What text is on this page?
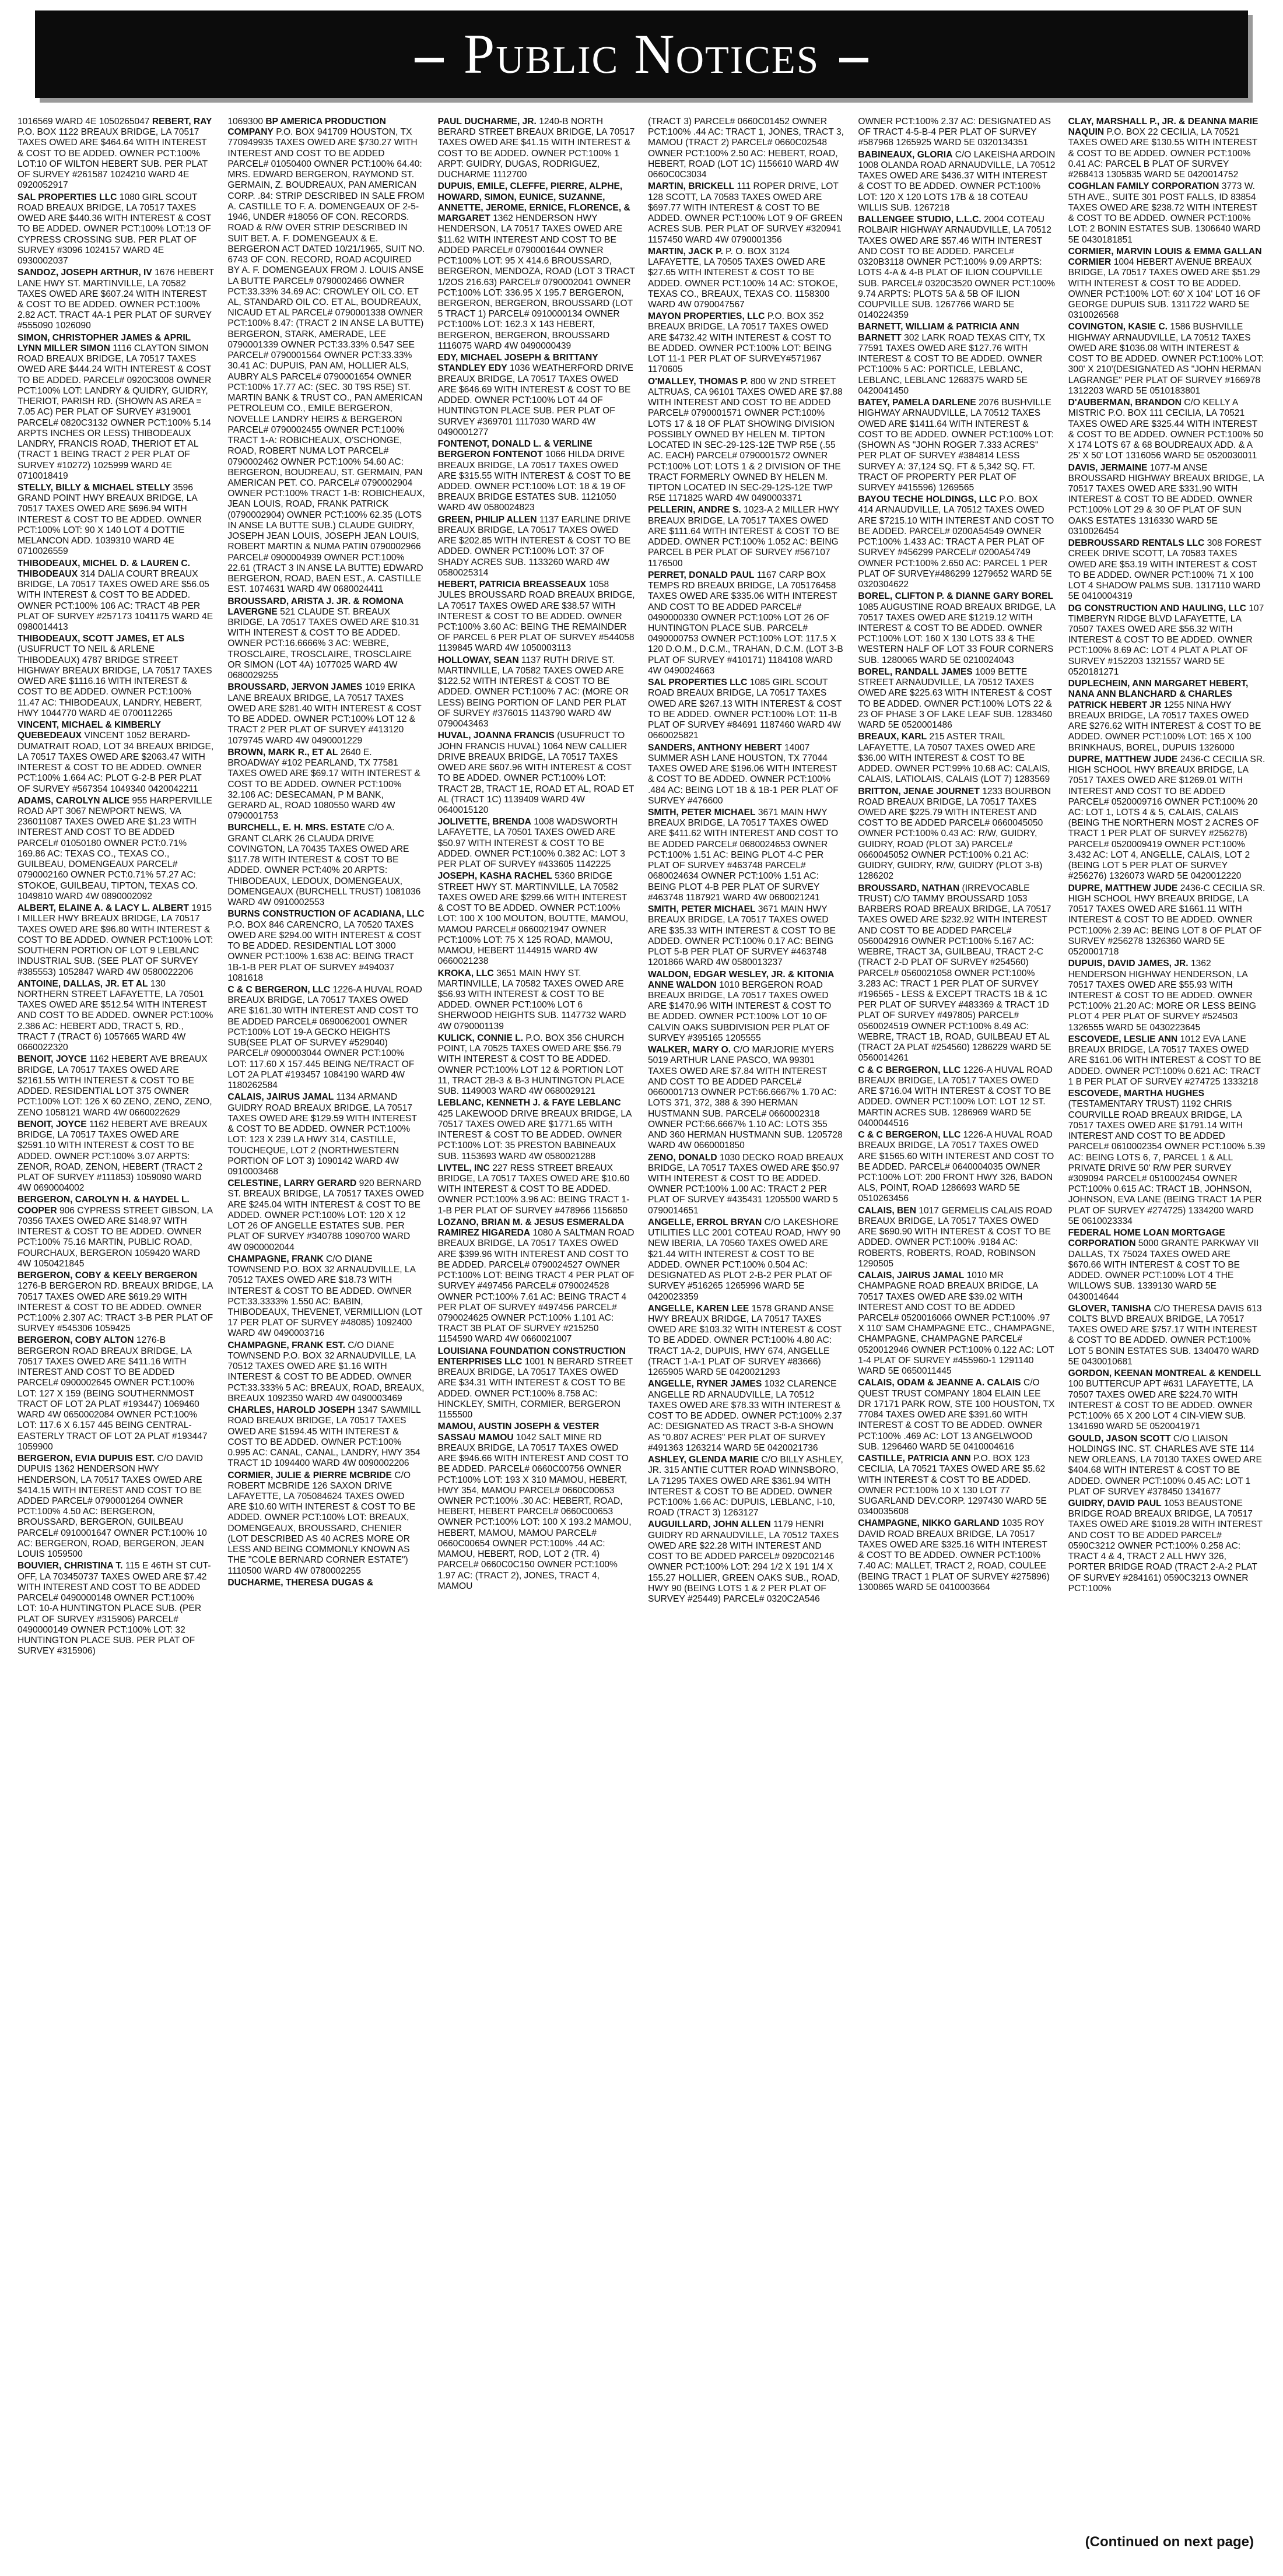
Public Notices
1016569 WARD 4E 1050265047 REBERT, RAY P.O. BOX 1122 BREAUX BRIDGE, LA 70517 TAXES OWED ARE $464.64 WITH INTEREST & COST TO BE ADDED. OWNER PCT:100% LOT:10 OF WILTON HEBERT SUB. PER PLAT OF SURVEY #261587 1024210 WARD 4E 0920052917
SAL PROPERTIES LLC 1080 GIRL SCOUT ROAD BREAUX BRIDGE, LA 70517 TAXES OWED ARE $440.36 WITH INTEREST & COST TO BE ADDED. OWNER PCT:100% LOT:13 OF CYPRESS CROSSING SUB. PER PLAT OF SURVEY #3096 1024157 WARD 4E 0930002037
SANDOZ, JOSEPH ARTHUR, IV 1676 HEBERT LANE HWY ST. MARTINVILLE, LA 70582 TAXES OWED ARE $607.24 WITH INTEREST & COST TO BE ADDED. OWNER PCT:100% 2.82 ACT. TRACT 4A-1 PER PLAT OF SURVEY #555090 1026090
SIMON, CHRISTOPHER JAMES & APRIL LYNN MILLER SIMON 1116 CLAYTON SIMON ROAD BREAUX BRIDGE, LA 70517 TAXES OWED ARE $444.24 WITH INTEREST & COST TO BE ADDED. PARCEL# 0920C3008 OWNER PCT:100% LOT: LANDRY & QUIDRY, GUIDRY, THERIOT, PARISH RD. (SHOWN AS AREA = 7.05 AC) PER PLAT OF SURVEY #319001 PARCEL# 0820C3132 OWNER PCT:100% 5.14 ARPTS INCHES OR LESS) THIBODEAUX LANDRY, FRANCIS ROAD, THERIOT ET AL (TRACT 1 BEING TRACT 2 PER PLAT OF SURVEY #10272) 1025999 WARD 4E 0710018419
STELLY, BILLY & MICHAEL STELLY 3596 GRAND POINT HWY BREAUX BRIDGE, LA 70517 TAXES OWED ARE $696.94 WITH INTEREST & COST TO BE ADDED. OWNER PCT:100% LOT: 90 X 140 LOT 4 DOTTIE MELANCON ADD. 1039310 WARD 4E 0710026559
THIBODEAUX, MICHEL D. & LAUREN C. THIBODEAUX 314 DALIA COURT BREAUX BRIDGE, LA 70517 TAXES OWED ARE $56.05 WITH INTEREST & COST TO BE ADDED. OWNER PCT:100% 106 AC: TRACT 4B PER PLAT OF SURVEY #257173 1041175 WARD 4E 0980014413
THIBODEAUX, SCOTT JAMES, ET ALS (USUFRUCT TO NEIL & ARLENE THIBODEAUX) 4787 BRIDGE STREET HIGHWAY BREAUX BRIDGE, LA 70517 TAXES OWED ARE $1116.16 WITH INTEREST & COST TO BE ADDED. OWNER PCT:100% 11.47 AC: THIBODEAUX, LANDRY, HEBERT, HWY 1044770 WARD 4E 0700112265
VINCENT, MICHAEL & KIMBERLY QUEBEDEAUX VINCENT 1052 BERARD-DUMATRAIT ROAD, LOT 34 BREAUX BRIDGE, LA 70517 TAXES OWED ARE $2063.47 WITH INTEREST & COST TO BE ADDED. OWNER PCT:100% 1.664 AC: PLOT G-2-B PER PLAT OF SURVEY #567354 1049340 0420042211
ADAMS, CAROLYN ALICE 955 HARPERVILLE ROAD APT 3067 NEWPORT NEWS, VA 236011087 TAXES OWED ARE $1.23 WITH INTEREST AND COST TO BE ADDED PARCEL# 01050180 OWNER PCT:0.71% 169.86 AC: TEXAS CO., TEXAS CO., GUILBEAU, DOMENGEAUX PARCEL# 0790002160 OWNER PCT:0.71% 57.27 AC: STOKOE, GUILBEAU, TIPTON, TEXAS CO. 1049810 WARD 4W 0890002092
ALBERT, ELAINE A. & LACY L. ALBERT 1915 I MILLER HWY BREAUX BRIDGE, LA 70517 TAXES OWED ARE $96.80 WITH INTEREST & COST TO BE ADDED. OWNER PCT:100% LOT: SOUTHERN PORTION OF LOT 9 LEBLANC INDUSTRIAL SUB. (SEE PLAT OF SURVEY #385553) 1052847 WARD 4W 0580022206
ANTOINE, DALLAS, JR. ET AL 130 NORTHERN STREET LAFAYETTE, LA 70501 TAXES OWED ARE $512.54 WITH INTEREST AND COST TO BE ADDED. OWNER PCT:100% 2.386 AC: HEBERT ADD, TRACT 5, RD., TRACT 7 (TRACT 6) 1057665 WARD 4W 0660022320
BENOIT, JOYCE 1162 HEBERT AVE BREAUX BRIDGE, LA 70517 TAXES OWED ARE $2161.55 WITH INTEREST & COST TO BE ADDED. RESIDENTIAL LOT 375 OWNER PCT:100% LOT: 126 X 60 ZENO, ZENO, ZENO, ZENO 1058121 WARD 4W 0660022629
BENOIT, JOYCE 1162 HEBERT AVE BREAUX BRIDGE, LA 70517 TAXES OWED ARE $2591.10 WITH INTEREST & COST TO BE ADDED. OWNER PCT:100% 3.07 ARPTS: ZENOR, ROAD, ZENON, HEBERT (TRACT 2 PLAT OF SURVEY #111853) 1059090 WARD 4W 0690004002
BERGERON, CAROLYN H. & HAYDEL L. COOPER 906 CYPRESS STREET GIBSON, LA 70356 TAXES OWED ARE $148.97 WITH INTEREST & COST TO BE ADDED. OWNER PCT:100% 75.16 MARTIN, PUBLIC ROAD, FOURCHAUX, BERGERON 1059420 WARD 4W 1050421845
BERGERON, COBY & KEELY BERGERON 1276-B BERGERON RD. BREAUX BRIDGE, LA 70517 TAXES OWED ARE $619.29 WITH INTEREST & COST TO BE ADDED. OWNER PCT:100% 2.307 AC: TRACT 3-B PER PLAT OF SURVEY #545306 1059425
BERGERON, COBY ALTON 1276-B BERGERON ROAD BREAUX BRIDGE, LA 70517 TAXES OWED ARE $411.16 WITH INTEREST AND COST TO BE ADDED PARCEL# 0900002645 OWNER PCT:100% LOT: 127 X 159 (BEING SOUTHERNMOST TRACT OF LOT 2A PLAT #193447) 1069460 WARD 4W 0650002084 OWNER PCT:100% LOT: 117.6 X 6.157 445 BEING CENTRAL-EASTERLY TRACT OF LOT 2A PLAT #193447 1059900
BERGERON, EVIA DUPUIS EST. C/O DAVID DUPUIS 1362 HENDERSON HWY HENDERSON, LA 70517 TAXES OWED ARE $414.15 WITH INTEREST AND COST TO BE ADDED PARCEL# 0790001264 OWNER PCT:100% 4.50 AC: BERGERON, BROUSSARD, BERGERON, GUILBEAU PARCEL# 0910001647 OWNER PCT:100% 10 AC: BERGERON, ROAD, BERGERON, JEAN LOUIS 1059500
BOUVIER, CHRISTINA T. 115 E 46TH ST CUT-OFF, LA 703450737 TAXES OWED ARE $7.42 WITH INTEREST AND COST TO BE ADDED PARCEL# 0490000148 OWNER PCT:100% LOT: 10-A HUNTINGTON PLACE SUB. (PER PLAT OF SURVEY #315906) PARCEL# 0490000149 OWNER PCT:100% LOT: 32 HUNTINGTON PLACE SUB. PER PLAT OF SURVEY #315906)
1069300 BP AMERICA PRODUCTION COMPANY P.O. BOX 941709 HOUSTON, TX 770949935 TAXES OWED ARE $730.27 WITH INTEREST AND COST TO BE ADDED PARCEL# 01050400 OWNER PCT:100% 64.40: MRS. EDWARD BERGERON, RAYMOND ST. GERMAIN, Z. BOUDREAUX, PAN AMERICAN CORP. .84: STRIP DESCRIBED IN SALE FROM A. CASTILLE TO F. A. DOMENGEAUX OF 2-5-1946, UNDER #18056 OF CON. RECORDS. ROAD & R/W OVER STRIP DESCRIBED IN SUIT BET. A. F. DOMENGEAUX & E. BERGERON ACT DATED 10/21/1965, SUIT NO. 6743 OF CON. RECORD, ROAD ACQUIRED BY A. F. DOMENGEAUX FROM J. LOUIS ANSE LA BUTTE PARCEL# 0790002466 OWNER PCT:33.33% 34.69 AC: CROWLEY OIL CO. ET AL, STANDARD OIL CO. ET AL, BOUDREAUX, NICAUD ET AL PARCEL# 0790001338 OWNER PCT:100% 8.47: (TRACT 2 IN ANSE LA BUTTE) BERGERON, STARK, AMERADE, LEE 0790001339 OWNER PCT:33.33% 0.547 SEE PARCEL# 0790001564 OWNER PCT:33.33% 30.41 AC: DUPUIS, PAN AM, HOLLIER ALS, AUBRY ALS PARCEL# 0790001654 OWNER PCT:100% 17.77 AC: (SEC. 30 T9S R5E) ST. MARTIN BANK & TRUST CO., PAN AMERICAN PETROLEUM CO., EMILE BERGERON, NOVELLE LANDRY HEIRS & BERGERON PARCEL# 0790002455 OWNER PCT:100% TRACT 1-A: ROBICHEAUX, O'SCHONGE, ROAD, ROBERT NUMA LOT PARCEL# 0790002462 OWNER PCT:100% 54.60 AC: BERGERON, BOUDREAU, ST. GERMAIN, PAN AMERICAN PET. CO. PARCEL# 0790002904 OWNER PCT:100% TRACT 1-B: ROBICHEAUX, JEAN LOUIS, ROAD, FRANK PATRICK (0790002904) OWNER PCT:100% 62.35 (LOTS IN ANSE LA BUTTE SUB.) CLAUDE GUIDRY, JOSEPH JEAN LOUIS, JOSEPH JEAN LOUIS, ROBERT MARTIN & NUMA PATIN 0790002966 PARCEL# 0900004939 OWNER PCT:100% 22.61 (TRACT 3 IN ANSE LA BUTTE) EDWARD BERGERON, ROAD, BAEN EST., A. CASTILLE EST. 1074631 WARD 4W 0680024411
BROUSSARD, ARISTA J. JR. & ROMONA LAVERGNE 521 CLAUDE ST. BREAUX BRIDGE, LA 70517 TAXES OWED ARE $10.31 WITH INTEREST & COST TO BE ADDED. OWNER PCT:16.6666% 3 AC: WEBRE, TROSCLAIRE, TROSCLAIRE, TROSCLAIRE OR SIMON (LOT 4A) 1077025 WARD 4W 0680029255
BROUSSARD, JERVON JAMES 1019 ERIKA LANE BREAUX BRIDGE, LA 70517 TAXES OWED ARE $281.40 WITH INTEREST & COST TO BE ADDED. OWNER PCT:100% LOT 12 & TRACT 2 PER PLAT OF SURVEY #413120 1079745 WARD 4W 0490001229
BROWN, MARK R., ET AL 2640 E. BROADWAY #102 PEARLAND, TX 77581 TAXES OWED ARE $69.17 WITH INTEREST & COST TO BE ADDED. OWNER PCT:100% 32.106 AC: DESECAMAN, P M BANK, GERARD AL, ROAD 1080550 WARD 4W 0790001753
BURCHELL, E. H. MRS. ESTATE C/O A. GRANT CLARK 26 CLAUDA DRIVE COVINGTON, LA 70435 TAXES OWED ARE $117.78 WITH INTEREST & COST TO BE ADDED. OWNER PCT:40% 20 ARPTS: THIBODEAUX, LEDOUX, DOMENGEAUX, DOMENGEAUX (BURCHELL TRUST) 1081036 WARD 4W 0910002553
BURNS CONSTRUCTION OF ACADIANA, LLC P.O. BOX 846 CARENCRO, LA 70520 TAXES OWED ARE $294.00 WITH INTEREST & COST TO BE ADDED. RESIDENTIAL LOT 3000 OWNER PCT:100% 1.638 AC: BEING TRACT 1B-1-B PER PLAT OF SURVEY #494037 1081618
C & C BERGERON, LLC 1226-A HUVAL ROAD BREAUX BRIDGE, LA 70517 TAXES OWED ARE $161.30 WITH INTEREST AND COST TO BE ADDED PARCEL# 0690062001 OWNER PCT:100% LOT 19-A GECKO HEIGHTS SUB(SEE PLAT OF SURVEY #529040) PARCEL# 0900003044 OWNER PCT:100% LOT: 117.60 X 157.445 BEING NE/TRACT OF LOT 2A PLAT #193457 1084190 WARD 4W 1180262584
CALAIS, JAIRUS JAMAL 1134 ARMAND GUIDRY ROAD BREAUX BRIDGE, LA 70517 TAXES OWED ARE $129.59 WITH INTEREST & COST TO BE ADDED. OWNER PCT:100% LOT: 123 X 239 LA HWY 314, CASTILLE, TOUCHEQUE, LOT 2 (NORTHWESTERN PORTION OF LOT 3) 1090142 WARD 4W 0910003468
CELESTINE, LARRY GERARD 920 BERNARD ST. BREAUX BRIDGE, LA 70517 TAXES OWED ARE $245.04 WITH INTEREST & COST TO BE ADDED. OWNER PCT:100% LOT: 120 X 12 LOT 26 OF ANGELLE ESTATES SUB. PER PLAT OF SURVEY #340788 1090700 WARD 4W 0900002044
CHAMPAGNE, FRANK C/O DIANE TOWNSEND P.O. BOX 32 ARNAUDVILLE, LA 70512 TAXES OWED ARE $18.73 WITH INTEREST & COST TO BE ADDED. OWNER PCT:33.3333% 1.550 AC: BABIN, THIBODEAUX, THEVENET, VERMILLION (LOT 17 PER PLAT OF SURVEY #48085) 1092400 WARD 4W 0490003716
CHAMPAGNE, FRANK EST. C/O DIANE TOWNSEND P.O. BOX 32 ARNAUDVILLE, LA 70512 TAXES OWED ARE $1.16 WITH INTEREST & COST TO BE ADDED. OWNER PCT:33.333% 5 AC: BREAUX, ROAD, BREAUX, BREAUX 1092350 WARD 4W 0490003469
CHARLES, HAROLD JOSEPH 1347 SAWMILL ROAD BREAUX BRIDGE, LA 70517 TAXES OWED ARE $1594.45 WITH INTEREST & COST TO BE ADDED. OWNER PCT:100% 0.995 AC: CANAL, CANAL, LANDRY, HWY 354 TRACT 1D 1094400 WARD 4W 0090002206
CORMIER, JULIE & PIERRE MCBRIDE C/O ROBERT MCBRIDE 126 SAXON DRIVE LAFAYETTE, LA 705084624 TAXES OWED ARE $10.60 WITH INTEREST & COST TO BE ADDED. OWNER PCT:100% LOT: BREAUX, DOMENGEAUX, BROUSSARD, CHENIER (LOT DESCRIBED AS 40 ACRES MORE OR LESS AND BEING COMMONLY KNOWN AS THE "COLE BERNARD CORNER ESTATE") 1110500 WARD 4W 0780002255
DUCHARME, THERESA DUGAS &
PAUL DUCHARME, JR. 1240-B NORTH BERARD STREET BREAUX BRIDGE, LA 70517 TAXES OWED ARE $41.15 WITH INTEREST & COST TO BE ADDED. OWNER PCT:100% 1 ARPT: GUIDRY, DUGAS, RODRIGUEZ, DUCHARME 1112700
DUPUIS, EMILE, CLEFFE, PIERRE, ALPHE, HOWARD, SIMON, EUNICE, SUZANNE, ANNETTE, JEROME, ERNICE, FLORENCE, & MARGARET 1362 HENDERSON HWY HENDERSON, LA 70517 TAXES OWED ARE $11.62 WITH INTEREST AND COST TO BE ADDED PARCEL# 0790001644 OWNER PCT:100% LOT: 95 X 414.6 BROUSSARD, BERGERON, MENDOZA, ROAD (LOT 3 TRACT 1/2OS 216.63) PARCEL# 0790002041 OWNER PCT:100% LOT: 336.95 X 195.7 BERGERON, BERGERON, BERGERON, BROUSSARD (LOT 5 TRACT 1) PARCEL# 0910000134 OWNER PCT:100% LOT: 162.3 X 143 HEBERT, BERGERON, BERGERON, BROUSSARD 1116075 WARD 4W 0490000439
EDY, MICHAEL JOSEPH & BRITTANY STANDLEY EDY 1036 WEATHERFORD DRIVE BREAUX BRIDGE, LA 70517 TAXES OWED ARE $646.69 WITH INTEREST & COST TO BE ADDED. OWNER PCT:100% LOT 44 OF HUNTINGTON PLACE SUB. PER PLAT OF SURVEY #369701 1117030 WARD 4W 0490001277
FONTENOT, DONALD L. & VERLINE BERGERON FONTENOT 1066 HILDA DRIVE BREAUX BRIDGE, LA 70517 TAXES OWED ARE $315.55 WITH INTEREST & COST TO BE ADDED. OWNER PCT:100% LOT: 18 & 19 OF BREAUX BRIDGE ESTATES SUB. 1121050 WARD 4W 0580024823
GREEN, PHILIP ALLEN 1137 EARLINE DRIVE BREAUX BRIDGE, LA 70517 TAXES OWED ARE $202.85 WITH INTEREST & COST TO BE ADDED. OWNER PCT:100% LOT: 37 OF SHADY ACRES SUB. 1133260 WARD 4W 0580025314
HEBERT, PATRICIA BREASSEAUX 1058 JULES BROUSSARD ROAD BREAUX BRIDGE, LA 70517 TAXES OWED ARE $38.57 WITH INTEREST & COST TO BE ADDED. OWNER PCT:100% 3.60 AC: BEING THE REMAINDER OF PARCEL 6 PER PLAT OF SURVEY #544058 1139845 WARD 4W 1050003113
HOLLOWAY, SEAN 1137 RUTH DRIVE ST. MARTINVILLE, LA 70582 TAXES OWED ARE $122.52 WITH INTEREST & COST TO BE ADDED. OWNER PCT:100% 7 AC: (MORE OR LESS) BEING PORTION OF LAND PER PLAT OF SURVEY #376015 1143790 WARD 4W 0790043463
HUVAL, JOANNA FRANCIS (USUFRUCT TO JOHN FRANCIS HUVAL) 1064 NEW CALLIER DRIVE BREAUX BRIDGE, LA 70517 TAXES OWED ARE $607.96 WITH INTEREST & COST TO BE ADDED. OWNER PCT:100% LOT: TRACT 2B, TRACT 1E, ROAD ET AL, ROAD ET AL (TRACT 1C) 1139409 WARD 4W 0640015120
JOLIVETTE, BRENDA 1008 WADSWORTH LAFAYETTE, LA 70501 TAXES OWED ARE $50.97 WITH INTEREST & COST TO BE ADDED. OWNER PCT:100% 0.382 AC: LOT 3 PER PLAT OF SURVEY #433605 1142225
JOSEPH, KASHA RACHEL 5360 BRIDGE STREET HWY ST. MARTINVILLE, LA 70582 TAXES OWED ARE $299.66 WITH INTEREST & COST TO BE ADDED. OWNER PCT:100% LOT: 100 X 100 MOUTON, BOUTTE, MAMOU, MAMOU PARCEL# 0660021947 OWNER PCT:100% LOT: 75 X 125 ROAD, MAMOU, MAMOU, HEBERT 1144915 WARD 4W 0660021238
KROKA, LLC 3651 MAIN HWY ST. MARTINVILLE, LA 70582 TAXES OWED ARE $56.93 WITH INTEREST & COST TO BE ADDED. OWNER PCT:100% LOT 6 SHERWOOD HEIGHTS SUB. 1147732 WARD 4W 0790001139
KULICK, CONNIE L. P.O. BOX 356 CHURCH POINT, LA 70525 TAXES OWED ARE $56.79 WITH INTEREST & COST TO BE ADDED. OWNER PCT:100% LOT 12 & PORTION LOT 11, TRACT 2B-3 & B-3 HUNTINGTON PLACE SUB. 1149003 WARD 4W 0680029121
LEBLANC, KENNETH J. & FAYE LEBLANC 425 LAKEWOOD DRIVE BREAUX BRIDGE, LA 70517 TAXES OWED ARE $1771.65 WITH INTEREST & COST TO BE ADDED. OWNER PCT:100% LOT: 35 PRESTON BABINEAUX SUB. 1153693 WARD 4W 0580021288
LIVTEL, INC 227 RESS STREET BREAUX BRIDGE, LA 70517 TAXES OWED ARE $10.60 WITH INTEREST & COST TO BE ADDED. OWNER PCT:100% 3.96 AC: BEING TRACT 1-1-B PER PLAT OF SURVEY #478966 1156850
LOZANO, BRIAN M. & JESUS ESMERALDA RAMIREZ HIGAREDA 1080 A SALTMAN ROAD BREAUX BRIDGE, LA 70517 TAXES OWED ARE $399.96 WITH INTEREST AND COST TO BE ADDED. PARCEL# 0790024527 OWNER PCT:100% LOT: BEING TRACT 4 PER PLAT OF SURVEY #497456 PARCEL# 0790024528 OWNER PCT:100% 7.61 AC: BEING TRACT 4 PER PLAT OF SURVEY #497456 PARCEL# 0790024625 OWNER PCT:100% 1.101 AC: TRACT 3B PLAT OF SURVEY #215250 1154590 WARD 4W 0660021007
LOUISIANA FOUNDATION CONSTRUCTION ENTERPRISES LLC 1001 N BERARD STREET BREAUX BRIDGE, LA 70517 TAXES OWED ARE $34.31 WITH INTEREST & COST TO BE ADDED. OWNER PCT:100% 8.758 AC: HINCKLEY, SMITH, CORMIER, BERGERON 1155500
MAMOU, AUSTIN JOSEPH & VESTER SASSAU MAMOU 1042 SALT MINE RD BREAUX BRIDGE, LA 70517 TAXES OWED ARE $946.66 WITH INTEREST AND COST TO BE ADDED. PARCEL# 0660C00756 OWNER PCT:100% LOT: 193 X 310 MAMOU, HEBERT, HWY 354, MAMOU PARCEL# 0660C00653 OWNER PCT:100% .30 AC: HEBERT, ROAD, HEBERT, HEBERT PARCEL# 0660C00653 OWNER PCT:100% LOT: 100 X 193.2 MAMOU, HEBERT, MAMOU, MAMOU PARCEL# 0660C00654 OWNER PCT:100% .44 AC: MAMOU, HEBERT, ROD, LOT 2 (TR. 4) PARCEL# 0660C0C150 OWNER PCT:100% 1.97 AC: (TRACT 2), JONES, TRACT 4, MAMOU
(TRACT 3) PARCEL# 0660C01452 OWNER PCT:100% .44 AC: TRACT 1, JONES, TRACT 3, MAMOU (TRACT 2) PARCEL# 0660C02548 OWNER PCT:100% 2.50 AC: HEBERT, ROAD, HEBERT, ROAD (LOT 1C) 1156610 WARD 4W 0660C0C3034
MARTIN, BRICKELL 111 ROPER DRIVE, LOT 128 SCOTT, LA 70583 TAXES OWED ARE $697.77 WITH INTEREST & COST TO BE ADDED. OWNER PCT:100% LOT 9 OF GREEN ACRES SUB. PER PLAT OF SURVEY #320941 1157450 WARD 4W 0790001356
MARTIN, JACK P. P. O. BOX 3124 LAFAYETTE, LA 70505 TAXES OWED ARE $27.65 WITH INTEREST & COST TO BE ADDED. OWNER PCT:100% 14 AC: STOKOE, TEXAS CO., BREAUX, TEXAS CO. 1158300 WARD 4W 0790047567
MAYON PROPERTIES, LLC P.O. BOX 352 BREAUX BRIDGE, LA 70517 TAXES OWED ARE $4732.42 WITH INTEREST & COST TO BE ADDED. OWNER PCT:100% LOT: BEING LOT 11-1 PER PLAT OF SURVEY#571967 1170605
O'MALLEY, THOMAS P. 800 W 2ND STREET ALTRUAS, CA 96101 TAXES OWED ARE $7.88 WITH INTEREST AND COST TO BE ADDED PARCEL# 0790001571 OWNER PCT:100% LOTS 17 & 18 OF PLAT SHOWING DIVISION POSSIBLY OWNED BY HELEN M. TIPTON LOCATED IN SEC-29-12S-12E TWP R5E (.55 AC. EACH) PARCEL# 0790001572 OWNER PCT:100% LOT: LOTS 1 & 2 DIVISION OF THE TRACT FORMERLY OWNED BY HELEN M. TIPTON LOCATED IN SEC-29-12S-12E TWP R5E 1171825 WARD 4W 0490003371
PELLERIN, ANDRE S. 1023-A 2 MILLER HWY BREAUX BRIDGE, LA 70517 TAXES OWED ARE $111.64 WITH INTEREST & COST TO BE ADDED. OWNER PCT:100% 1.052 AC: BEING PARCEL B PER PLAT OF SURVEY #567107 1176500
PERRET, DONALD PAUL 1167 CARP BOX TEMPS RD BREAUX BRIDGE, LA 705176458 TAXES OWED ARE $335.06 WITH INTEREST AND COST TO BE ADDED PARCEL# 0490000330 OWNER PCT:100% LOT 26 OF HUNTINGTON PLACE SUB. PARCEL# 0490000753 OWNER PCT:100% LOT: 117.5 X 120 D.O.M., D.C.M., TRAHAN, D.C.M. (LOT 3-B PLAT OF SURVEY #410171) 1184108 WARD 4W 0490024663
SAL PROPERTIES LLC 1085 GIRL SCOUT ROAD BREAUX BRIDGE, LA 70517 TAXES OWED ARE $267.13 WITH INTEREST & COST TO BE ADDED. OWNER PCT:100% LOT: 11-B PLAT OF SURVEY #84691 1187460 WARD 4W 0660025821
SANDERS, ANTHONY HEBERT 14007 SUMMER ASH LANE HOUSTON, TX 77044 TAXES OWED ARE $196.06 WITH INTEREST & COST TO BE ADDED. OWNER PCT:100% .484 AC: BEING LOT 1B & 1B-1 PER PLAT OF SURVEY #476600
SMITH, PETER MICHAEL 3671 MAIN HWY BREAUX BRIDGE, LA 70517 TAXES OWED ARE $411.62 WITH INTEREST AND COST TO BE ADDED PARCEL# 0680024653 OWNER PCT:100% 1.51 AC: BEING PLOT 4-C PER PLAT OF SURVEY #463748 PARCEL# 0680024634 OWNER PCT:100% 1.51 AC: BEING PLOT 4-B PER PLAT OF SURVEY #463748 1187921 WARD 4W 0680021241
SMITH, PETER MICHAEL 3671 MAIN HWY BREAUX BRIDGE, LA 70517 TAXES OWED ARE $35.33 WITH INTEREST & COST TO BE ADDED. OWNER PCT:100% 0.17 AC: BEING PLOT 5-B PER PLAT OF SURVEY #463748 1201866 WARD 4W 0580013237
WALDON, EDGAR WESLEY, JR. & KITONIA ANNE WALDON 1010 BERGERON ROAD BREAUX BRIDGE, LA 70517 TAXES OWED ARE $1470.96 WITH INTEREST & COST TO BE ADDED. OWNER PCT:100% LOT 10 OF CALVIN OAKS SUBDIVISION PER PLAT OF SURVEY #395165 1205555
WALKER, MARY O. C/O MARJORIE MYERS 5019 ARTHUR LANE PASCO, WA 99301 TAXES OWED ARE $7.84 WITH INTEREST AND COST TO BE ADDED PARCEL# 0660001713 OWNER PCT:66.6667% 1.70 AC: LOTS 371, 372, 388 & 390 HERMAN HUSTMANN SUB. PARCEL# 0660002318 OWNER PCT:66.6667% 1.10 AC: LOTS 355 AND 360 HERMAN HUSTMANN SUB. 1205728 WARD 4W 0660001850
ZENO, DONALD 1030 DECKO ROAD BREAUX BRIDGE, LA 70517 TAXES OWED ARE $50.97 WITH INTEREST & COST TO BE ADDED. OWNER PCT:100% 1.00 AC: TRACT 2 PER PLAT OF SURVEY #435431 1205500 WARD 5 0790014651
ANGELLE, ERROL BRYAN C/O LAKESHORE UTILITIES LLC 2001 COTEAU ROAD, HWY 90 NEW IBERIA, LA 70560 TAXES OWED ARE $21.44 WITH INTEREST & COST TO BE ADDED. OWNER PCT:100% 0.504 AC: DESIGNATED AS PLOT 2-B-2 PER PLAT OF SURVEY #516265 1265996 WARD 5E 0420023359
ANGELLE, KAREN LEE 1578 GRAND ANSE HWY BREAUX BRIDGE, LA 70517 TAXES OWED ARE $103.32 WITH INTEREST & COST TO BE ADDED. OWNER PCT:100% 4.80 AC: TRACT 1A-2, DUPUIS, HWY 674, ANGELLE (TRACT 1-A-1 PLAT OF SURVEY #83666) 1265905 WARD 5E 0420021293
ANGELLE, RYNER JAMES 1032 CLARENCE ANGELLE RD ARNAUDVILLE, LA 70512 TAXES OWED ARE $78.33 WITH INTEREST & COST TO BE ADDED. OWNER PCT:100% 2.37 AC: DESIGNATED AS TRACT 3-B-A SHOWN AS "0.807 ACRES" PER PLAT OF SURVEY #491363 1263214 WARD 5E 0420021736
ASHLEY, GLENDA MARIE C/O BILLY ASHLEY, JR. 315 ANTIE CUTTER ROAD WINNSBORO, LA 71295 TAXES OWED ARE $361.94 WITH INTEREST & COST TO BE ADDED. OWNER PCT:100% 1.66 AC: DUPUIS, LEBLANC, I-10, ROAD (TRACT 3) 1263127
AUGUILLARD, JOHN ALLEN 1179 HENRI GUIDRY RD ARNAUDVILLE, LA 70512 TAXES OWED ARE $22.28 WITH INTEREST AND COST TO BE ADDED PARCEL# 0920C02146 OWNER PCT:100% LOT: 294 1/2 X 191 1/4 X 155.27 HOLLIER, GREEN OAKS SUB., ROAD, HWY 90 (BEING LOTS 1 & 2 PER PLAT OF SURVEY #25449) PARCEL# 0320C2A546
OWNER PCT:100% 2.37 AC: DESIGNATED AS OF TRACT 4-5-B-4 PER PLAT OF SURVEY #587968 1265925 WARD 5E 0320134351
BABINEAUX, GLORIA C/O LAKEISHA ARDOIN 1008 OLANDA ROAD ARNAUDVILLE, LA 70512 TAXES OWED ARE $436.37 WITH INTEREST & COST TO BE ADDED. OWNER PCT:100% LOT: 120 X 120 LOTS 17B & 18 COTEAU WILLIS SUB. 1267218
BALLENGEE STUDIO, L.L.C. 2004 COTEAU ROLBAIR HIGHWAY ARNAUDVILLE, LA 70512 TAXES OWED ARE $57.46 WITH INTEREST AND COST TO BE ADDED. PARCEL# 0320B3118 OWNER PCT:100% 9.09 ARPTS: LOTS 4-A & 4-B PLAT OF ILION COUPVILLE SUB. PARCEL# 0320C3520 OWNER PCT:100% 9.74 ARPTS: PLOTS 5A & 5B OF ILION COUPVILLE SUB. 1267766 WARD 5E 0140224359
BARNETT, WILLIAM & PATRICIA ANN BARNETT 302 LARK ROAD TEXAS CITY, TX 77591 TAXES OWED ARE $127.76 WITH INTEREST & COST TO BE ADDED. OWNER PCT:100% 5 AC: PORTICLE, LEBLANC, LEBLANC, LEBLANC 1268375 WARD 5E 0420041450
BATEY, PAMELA DARLENE 2076 BUSHVILLE HIGHWAY ARNAUDVILLE, LA 70512 TAXES OWED ARE $1411.64 WITH INTEREST & COST TO BE ADDED. OWNER PCT:100% LOT: (SHOWN AS "JOHN ROGER 7.333 ACRES" PER PLAT OF SURVEY #384814 LESS SURVEY A: 37,124 SQ. FT & 5,342 SQ. FT. TRACT OF PROPERTY PER PLAT OF SURVEY #415596) 1269565
BAYOU TECHE HOLDINGS, LLC P.O. BOX 414 ARNAUDVILLE, LA 70512 TAXES OWED ARE $7215.10 WITH INTEREST AND COST TO BE ADDED. PARCEL# 0200A54549 OWNER PCT:100% 1.433 AC: TRACT A PER PLAT OF SURVEY #456299 PARCEL# 0200A54749 OWNER PCT:100% 2.650 AC: PARCEL 1 PER PLAT OF SURVEY#486299 1279652 WARD 5E 0320304622
BOREL, CLIFTON P. & DIANNE GARY BOREL 1085 AUGUSTINE ROAD BREAUX BRIDGE, LA 70517 TAXES OWED ARE $1219.12 WITH INTEREST & COST TO BE ADDED. OWNER PCT:100% LOT: 160 X 130 LOTS 33 & THE WESTERN HALF OF LOT 33 FOUR CORNERS SUB. 1280065 WARD 5E 0210024043
BOREL, RANDALL JAMES 1009 BETTE STREET ARNAUDVILLE, LA 70512 TAXES OWED ARE $225.63 WITH INTEREST & COST TO BE ADDED. OWNER PCT:100% LOTS 22 & 23 OF PHASE 3 OF LAKE LEAF SUB. 1283460 WARD 5E 0520001486
BREAUX, KARL 215 ASTER TRAIL LAFAYETTE, LA 70507 TAXES OWED ARE $36.00 WITH INTEREST & COST TO BE ADDED. OWNER PCT:99% 10.68 AC: CALAIS, CALAIS, LATIOLAIS, CALAIS (LOT 7) 1283569
BRITTON, JENAE JOURNET 1233 BOURBON ROAD BREAUX BRIDGE, LA 70517 TAXES OWED ARE $225.79 WITH INTEREST AND COST TO BE ADDED PARCEL# 0660045050 OWNER PCT:100% 0.43 AC: R/W, GUIDRY, GUIDRY, ROAD (PLOT 3A) PARCEL# 0660045052 OWNER PCT:100% 0.21 AC: GUIDRY, GUIDRY, R/W, GUIDRY (PLOT 3-B) 1286202
BROUSSARD, NATHAN (IRREVOCABLE TRUST) C/O TAMMY BROUSSARD 1053 BARBERS ROAD BREAUX BRIDGE, LA 70517 TAXES OWED ARE $232.92 WITH INTEREST AND COST TO BE ADDED PARCEL# 0560042916 OWNER PCT:100% 5.167 AC: WEBRE, TRACT 3A, GUILBEAU, TRACT 2-C (TRACT 2-D PLAT OF SURVEY #254560) PARCEL# 0560021058 OWNER PCT:100% 3.283 AC: TRACT 1 PER PLAT OF SURVEY #196565 - LESS & EXCEPT TRACTS 1B & 1C PER PLAT OF SURVEY #483369 & TRACT 1D PLAT OF SURVEY #497805) PARCEL# 0560024519 OWNER PCT:100% 8.49 AC: WEBRE, TRACT 1B, ROAD, GUILBEAU ET AL (TRACT 2A PLAT #254560) 1286229 WARD 5E 0560014261
C & C BERGERON, LLC 1226-A HUVAL ROAD BREAUX BRIDGE, LA 70517 TAXES OWED ARE $716.04 WITH INTEREST & COST TO BE ADDED. OWNER PCT:100% LOT: LOT 12 ST. MARTIN ACRES SUB. 1286969 WARD 5E 0400044516
C & C BERGERON, LLC 1226-A HUVAL ROAD BREAUX BRIDGE, LA 70517 TAXES OWED ARE $1565.60 WITH INTEREST AND COST TO BE ADDED. PARCEL# 0640004035 OWNER PCT:100% LOT: 200 FRONT HWY 326, BADON ALS, POINT, ROAD 1286693 WARD 5E 0510263456
CALAIS, BEN 1017 GERMELIS CALAIS ROAD BREAUX BRIDGE, LA 70517 TAXES OWED ARE $690.90 WITH INTEREST & COST TO BE ADDED. OWNER PCT:100% .9184 AC: ROBERTS, ROBERTS, ROAD, ROBINSON 1290505
CALAIS, JAIRUS JAMAL 1010 MR CHAMPAGNE ROAD BREAUX BRIDGE, LA 70517 TAXES OWED ARE $39.02 WITH INTEREST AND COST TO BE ADDED PARCEL# 0520016066 OWNER PCT:100% .97 X 110' SAM CHAMPAGNE ETC., CHAMPAGNE, CHAMPAGNE, CHAMPAGNE PARCEL# 0520012946 OWNER PCT:100% 0.122 AC: LOT 1-4 PLAT OF SURVEY #455960-1 1291140 WARD 5E 0650011445
CALAIS, ODAM & JEANNE A. CALAIS C/O QUEST TRUST COMPANY 1804 ELAIN LEE DR 17171 PARK ROW, STE 100 HOUSTON, TX 77084 TAXES OWED ARE $391.60 WITH INTEREST & COST TO BE ADDED. OWNER PCT:100% .469 AC: LOT 13 ANGELWOOD SUB. 1296460 WARD 5E 0410004616
CASTILLE, PATRICIA ANN P.O. BOX 123 CECILIA, LA 70521 TAXES OWED ARE $5.62 WITH INTEREST & COST TO BE ADDED. OWNER PCT:100% 10 X 130 LOT 77 SUGARLAND DEV.CORP. 1297430 WARD 5E 0340035608
CHAMPAGNE, NIKKO GARLAND 1035 ROY DAVID ROAD BREAUX BRIDGE, LA 70517 TAXES OWED ARE $325.16 WITH INTEREST & COST TO BE ADDED. OWNER PCT:100% 7.40 AC: MALLET, TRACT 2, ROAD, COULEE (BEING TRACT 1 PLAT OF SURVEY #275896) 1300865 WARD 5E 0410003664
CLAY, MARSHALL P., JR. & DEANNA MARIE NAQUIN P.O. BOX 22 CECILIA, LA 70521 TAXES OWED ARE $130.55 WITH INTEREST & COST TO BE ADDED. OWNER PCT:100% 0.41 AC: PARCEL B PLAT OF SURVEY #268413 1305835 WARD 5E 0420014752
COGHLAN FAMILY CORPORATION 3773 W. 5TH AVE., SUITE 301 POST FALLS, ID 83854 TAXES OWED ARE $238.72 WITH INTEREST & COST TO BE ADDED. OWNER PCT:100% LOT: 2 BONIN ESTATES SUB. 1306640 WARD 5E 0430181851
CORMIER, MARVIN LOUIS & EMMA GALLAN CORMIER 1004 HEBERT AVENUE BREAUX BRIDGE, LA 70517 TAXES OWED ARE $51.29 WITH INTEREST & COST TO BE ADDED. OWNER PCT:100% LOT: 60' X 104' LOT 16 OF GEORGE DUPUIS SUB. 1311722 WARD 5E 0310026568
COVINGTON, KASIE C. 1586 BUSHVILLE HIGHWAY ARNAUDVILLE, LA 70512 TAXES OWED ARE $1036.08 WITH INTEREST & COST TO BE ADDED. OWNER PCT:100% LOT: 300' X 210'(DESIGNATED AS "JOHN HERMAN LAGRANGE" PER PLAT OF SURVEY #166978 1312203 WARD 5E 0510183801
D'AUBERMAN, BRANDON C/O KELLY A MISTRIC P.O. BOX 111 CECILIA, LA 70521 TAXES OWED ARE $325.44 WITH INTEREST & COST TO BE ADDED. OWNER PCT:100% 50 X 174 LOTS 67 & 68 BOUDREAUX ADD. & A 25' X 50' LOT 1316056 WARD 5E 0520030011
DAVIS, JERMAINE 1077-M ANSE BROUSSARD HIGHWAY BREAUX BRIDGE, LA 70517 TAXES OWED ARE $331.90 WITH INTEREST & COST TO BE ADDED. OWNER PCT:100% LOT 29 & 30 OF PLAT OF SUN OAKS ESTATES 1316330 WARD 5E 0310026454
DEBROUSSARD RENTALS LLC 308 FOREST CREEK DRIVE SCOTT, LA 70583 TAXES OWED ARE $53.19 WITH INTEREST & COST TO BE ADDED. OWNER PCT:100% 71 X 100 LOT 4 SHADOW PALMS SUB. 1317110 WARD 5E 0410004319
DG CONSTRUCTION AND HAULING, LLC 107 TIMBERYN RIDGE BLVD LAFAYETTE, LA 70507 TAXES OWED ARE $56.32 WITH INTEREST & COST TO BE ADDED. OWNER PCT:100% 8.69 AC: LOT 4 PLAT A PLAT OF SURVEY #152203 1321557 WARD 5E 0520181271
DUPLECHEIN, ANN MARGARET HEBERT, NANA ANN BLANCHARD & CHARLES PATRICK HEBERT JR 1255 NINA HWY BREAUX BRIDGE, LA 70517 TAXES OWED ARE $276.62 WITH INTEREST & COST TO BE ADDED. OWNER PCT:100% LOT: 165 X 100 BRINKHAUS, BOREL, DUPUIS 1326000
DUPRE, MATTHEW JUDE 2436-C CECILIA SR. HIGH SCHOOL HWY BREAUX BRIDGE, LA 70517 TAXES OWED ARE $1269.01 WITH INTEREST AND COST TO BE ADDED PARCEL# 0520009716 OWNER PCT:100% 20 AC: LOT 1, LOTS 4 & 5, CALAIS, CALAIS (BEING THE NORTHERN MOST 2 ACRES OF TRACT 1 PER PLAT OF SURVEY #256278) PARCEL# 0520009419 OWNER PCT:100% 3.432 AC: LOT 4, ANGELLE, CALAIS, LOT 2 (BEING LOT 5 PER PLAT OF SURVEY #256276) 1326073 WARD 5E 0420012220
DUPRE, MATTHEW JUDE 2436-C CECILIA SR. HIGH SCHOOL HWY BREAUX BRIDGE, LA 70517 TAXES OWED ARE $1661.11 WITH INTEREST & COST TO BE ADDED. OWNER PCT:100% 2.39 AC: BEING LOT 8 OF PLAT OF SURVEY #256278 1326360 WARD 5E 0520001718
DUPUIS, DAVID JAMES, JR. 1362 HENDERSON HIGHWAY HENDERSON, LA 70517 TAXES OWED ARE $55.93 WITH INTEREST & COST TO BE ADDED. OWNER PCT:100% 21.20 AC: MORE OR LESS BEING PLOT 4 PER PLAT OF SURVEY #524503 1326555 WARD 5E 0430223645
ESCOVEDE, LESLIE ANN 1012 EVA LANE BREAUX BRIDGE, LA 70517 TAXES OWED ARE $161.06 WITH INTEREST & COST TO BE ADDED. OWNER PCT:100% 0.621 AC: TRACT 1 B PER PLAT OF SURVEY #274725 1333218
ESCOVEDE, MARTHA HUGHES (TESTAMENTARY TRUST) 1192 CHRIS COURVILLE ROAD BREAUX BRIDGE, LA 70517 TAXES OWED ARE $1791.14 WITH INTEREST AND COST TO BE ADDED PARCEL# 0610002354 OWNER PCT:100% 5.39 AC: BEING LOTS 6, 7, PARCEL 1 & ALL PRIVATE DRIVE 50' R/W PER SURVEY #309094 PARCEL# 0510002454 OWNER PCT:100% 0.615 AC: TRACT 1B, JOHNSON, JOHNSON, EVA LANE (BEING TRACT 1A PER PLAT OF SURVEY #274725) 1334200 WARD 5E 0610023334
FEDERAL HOME LOAN MORTGAGE CORPORATION 5000 GRANTE PARKWAY VII DALLAS, TX 75024 TAXES OWED ARE $670.66 WITH INTEREST & COST TO BE ADDED. OWNER PCT:100% LOT 4 THE WILLOWS SUB. 1339130 WARD 5E 0430014644
GLOVER, TANISHA C/O THERESA DAVIS 613 COLTS BLVD BREAUX BRIDGE, LA 70517 TAXES OWED ARE $757.17 WITH INTEREST & COST TO BE ADDED. OWNER PCT:100% LOT 5 BONIN ESTATES SUB. 1340470 WARD 5E 0430010681
GORDON, KEENAN MONTREAL & KENDELL 100 BUTTERCUP APT #631 LAFAYETTE, LA 70507 TAXES OWED ARE $224.70 WITH INTEREST & COST TO BE ADDED. OWNER PCT:100% 65 X 200 LOT 4 CIN-VIEW SUB. 1341690 WARD 5E 0520041971
GOULD, JASON SCOTT C/O LIAISON HOLDINGS INC. ST. CHARLES AVE STE 114 NEW ORLEANS, LA 70130 TAXES OWED ARE $404.68 WITH INTEREST & COST TO BE ADDED. OWNER PCT:100% 0.45 AC: LOT 1 PLAT OF SURVEY #378450 1341677
GUIDRY, DAVID PAUL 1053 BEAUSTONE BRIDGE ROAD BREAUX BRIDGE, LA 70517 TAXES OWED ARE $1019.28 WITH INTEREST AND COST TO BE ADDED PARCEL# 0590C3212 OWNER PCT:100% 0.258 AC: TRACT 4 & 4, TRACT 2 ALL HWY 326, PORTER BRIDGE ROAD (TRACT 2-A-2 PLAT OF SURVEY #284161) 0590C3213 OWNER PCT:100%
(Continued on next page)
